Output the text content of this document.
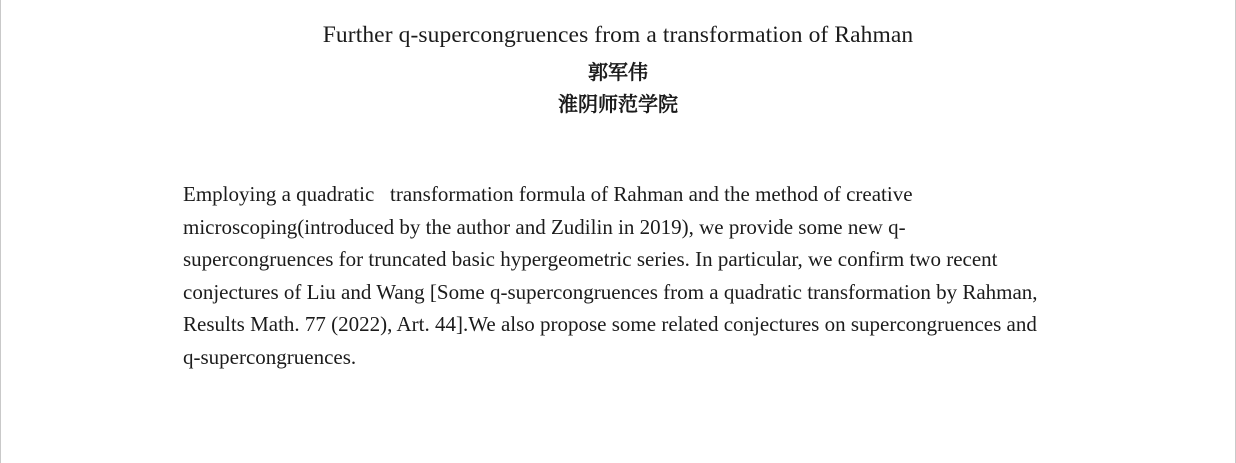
Further q-supercongruences from a transformation of Rahman
郭军伟
淮阴师范学院
Employing a quadratic   transformation formula of Rahman and the method of creative microscoping(introduced by the author and Zudilin in 2019), we provide some new q-supercongruences for truncated basic hypergeometric series. In particular, we confirm two recent conjectures of Liu and Wang [Some q-supercongruences from a quadratic transformation by Rahman, Results Math. 77 (2022), Art. 44].We also propose some related conjectures on supercongruences and q-supercongruences.
